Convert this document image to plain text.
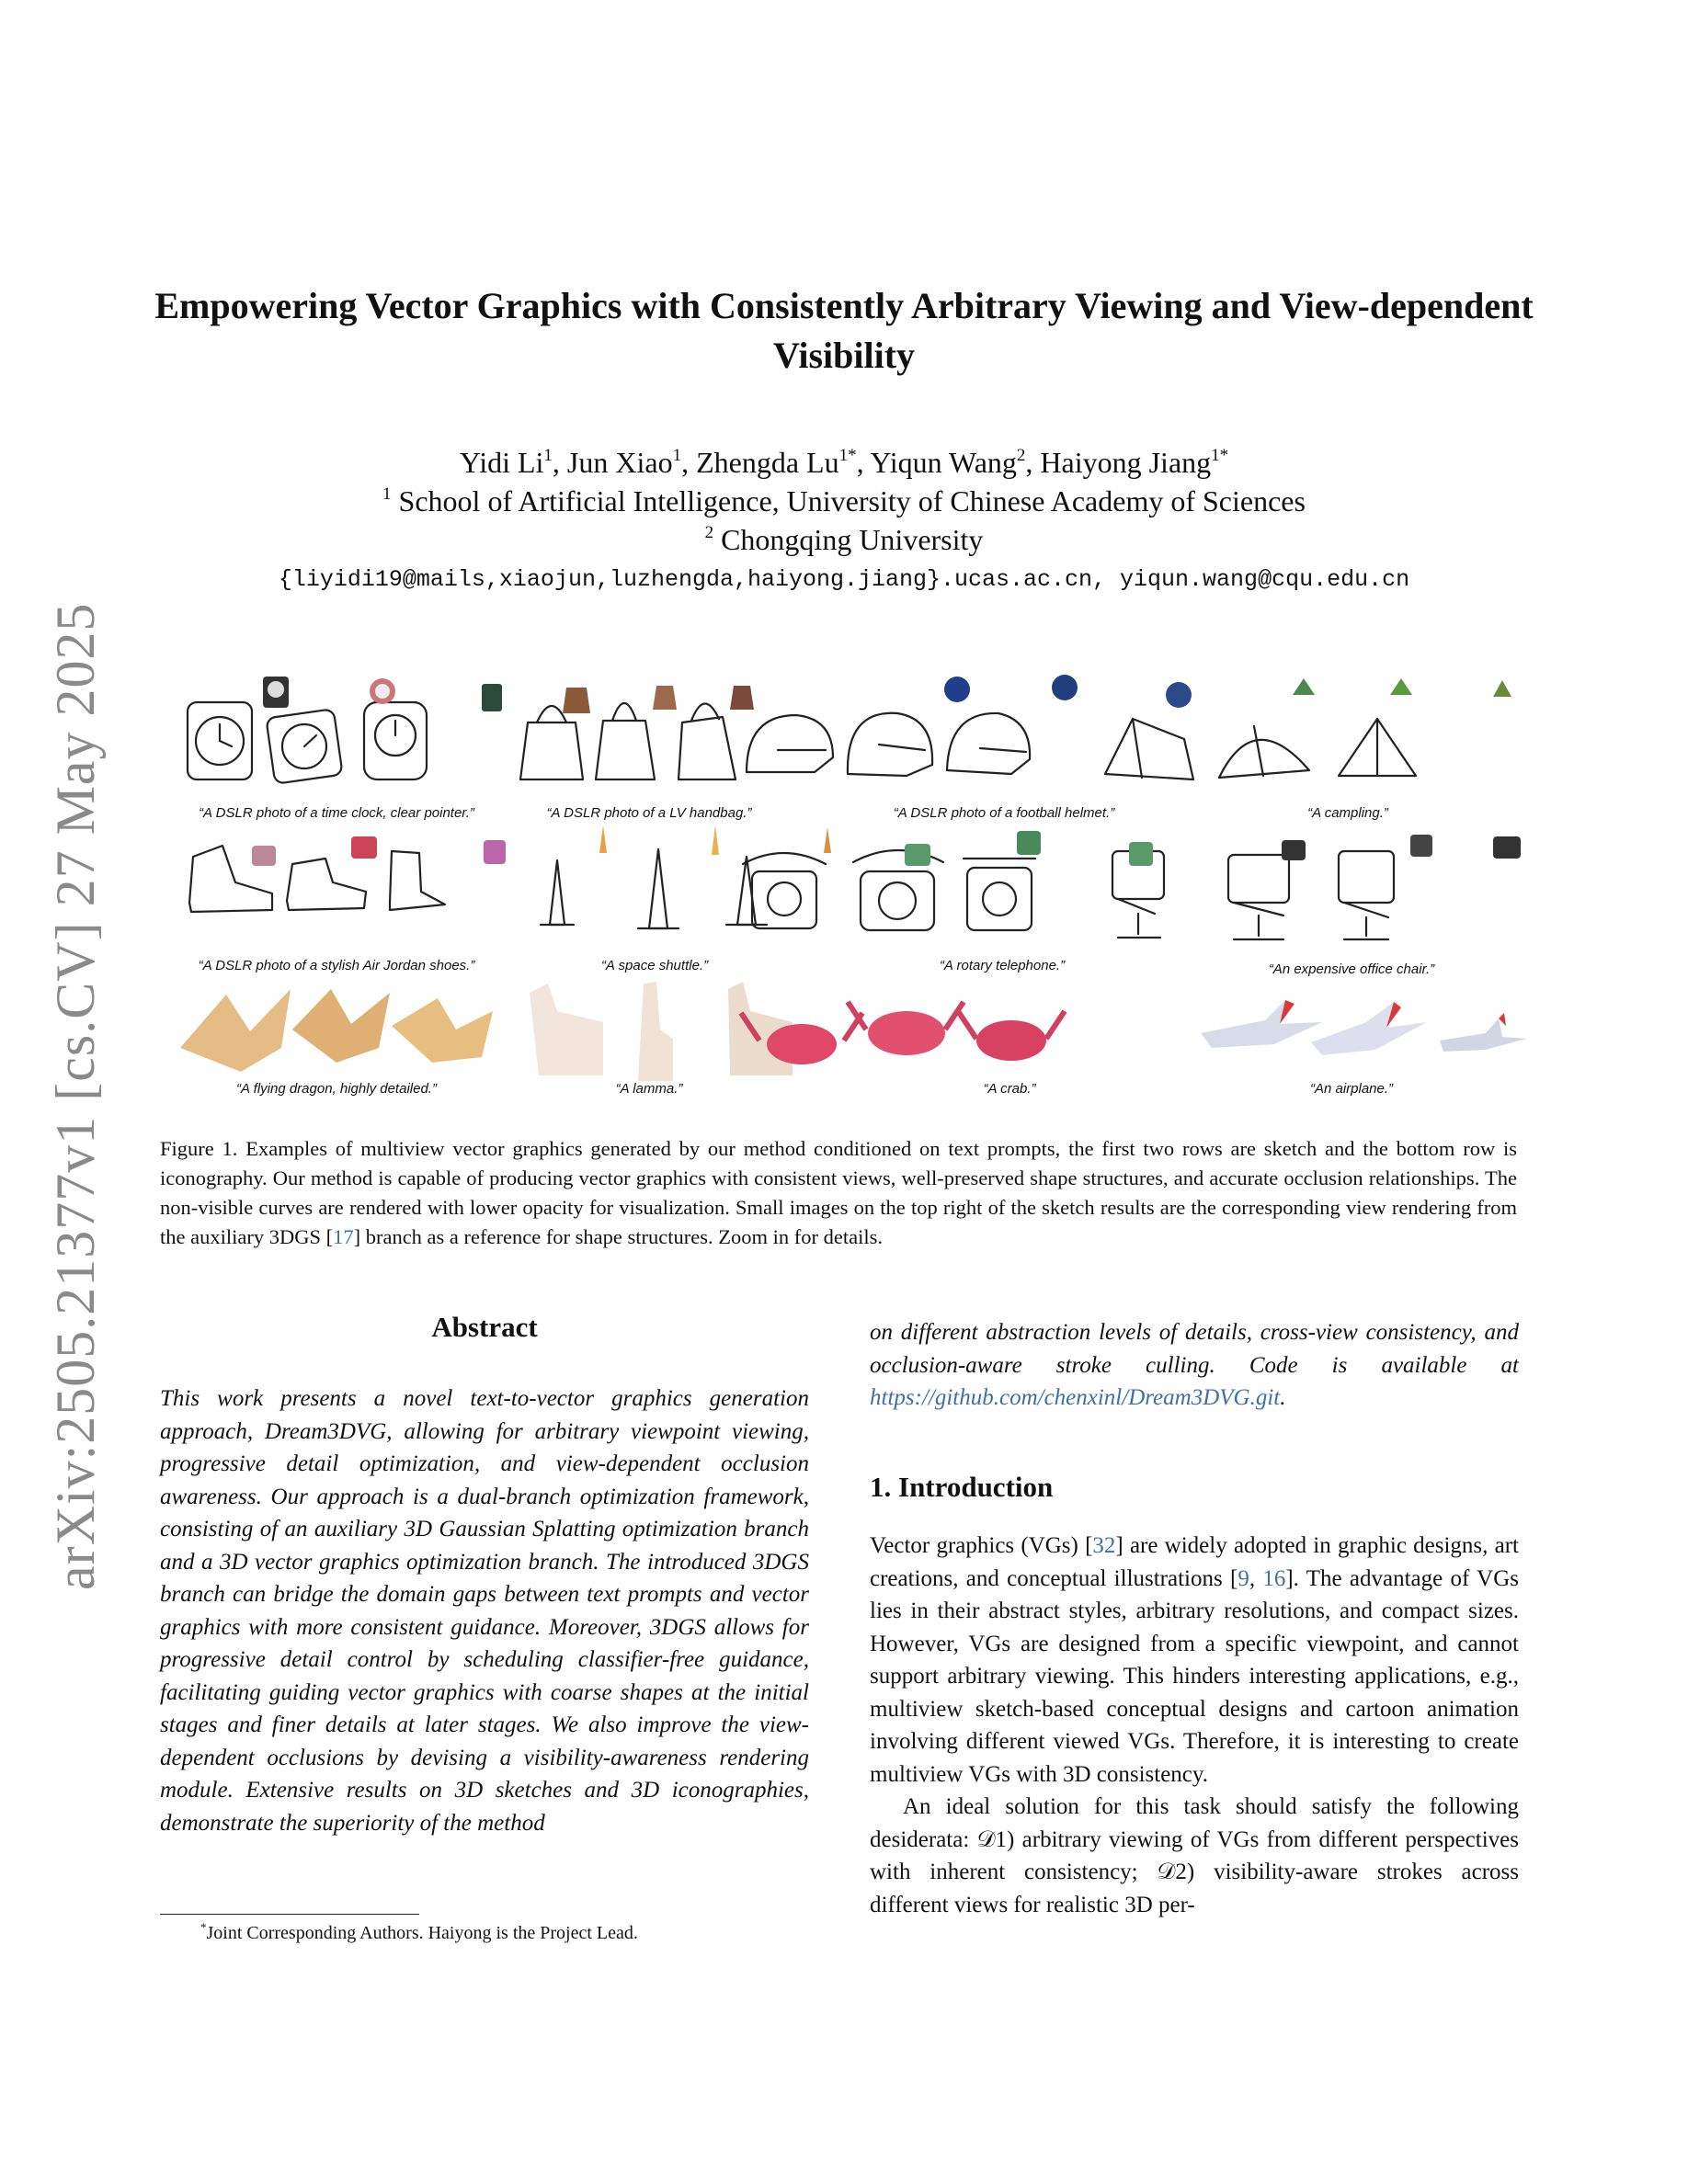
arXiv:2505.21377v1 [cs.CV] 27 May 2025
Empowering Vector Graphics with Consistently Arbitrary Viewing and View-dependent Visibility
Yidi Li$^1$, Jun Xiao$^1$, Zhengda $Lu^{1*}$, Yiqun Wang$^2$, Haiyong Jiang$^{1*}$
$^1$ School of Artificial Intelligence, University of Chinese Academy of Sciences
$^2$ Chongqing University
{liyidi19@mails,xiaojun,luzhengda,haiyong.jiang}.ucas.ac.cn, yiqun.wang@cqu.edu.cn
“A DSLR photo of a time clock, clear pointer.”	“A DSLR photo of a LV handbag.”	“A DSLR photo of a football helmet.”	“A campling.”
“A DSLR photo of a stylish Air Jordan shoes.”	“A space shuttle.”	“A rotary telephone.”	“An expensive office chair.”
“A flying dragon, highly detailed.”	“A lamma.”	“A crab.”	“An airplane.”
Figure 1. Examples of multiview vector graphics generated by our method conditioned on text prompts, the first two rows are sketch and the bottom row is iconography. Our method is capable of producing vector graphics with consistent views, well-preserved shape structures, and accurate occlusion relationships. The non-visible curves are rendered with lower opacity for visualization. Small images on the top right of the sketch results are the corresponding view rendering from the auxiliary 3DGS [17] branch as a reference for shape structures. Zoom in for details.
Abstract
This work presents a novel text-to-vector graphics generation approach, Dream3DVG, allowing for arbitrary viewpoint viewing, progressive detail optimization, and view-dependent occlusion awareness. Our approach is a dual-branch optimization framework, consisting of an auxiliary 3D Gaussian Splatting optimization branch and a 3D vector graphics optimization branch. The introduced 3DGS branch can bridge the domain gaps between text prompts and vector graphics with more consistent guidance. Moreover, 3DGS allows for progressive detail control by scheduling classifier-free guidance, facilitating guiding vector graphics with coarse shapes at the initial stages and finer details at later stages. We also improve the view-dependent occlusions by devising a visibility-awareness rendering module. Extensive results on 3D sketches and 3D iconographies, demonstrate the superiority of the method
on different abstraction levels of details, cross-view consistency, and occlusion-aware stroke culling. Code is available at https://github.com/chenxinl/Dream3DVG.git.
1. Introduction

Vector graphics (VGs) [32] are widely adopted in graphic designs, art creations, and conceptual illustrations [9, 16]. The advantage of VGs lies in their abstract styles, arbitrary resolutions, and compact sizes. However, VGs are designed from a specific viewpoint, and cannot support arbitrary viewing. This hinders interesting applications, e.g., multiview sketch-based conceptual designs and cartoon animation involving different viewed VGs. Therefore, it is interesting to create multiview VGs with 3D consistency.

An ideal solution for this task should satisfy the following desiderata: 𝒟1) arbitrary viewing of VGs from different perspectives with inherent consistency; 𝒟2) visibility-aware strokes across different views for realistic 3D per-

*Joint Corresponding Authors. Haiyong is the Project Lead.
